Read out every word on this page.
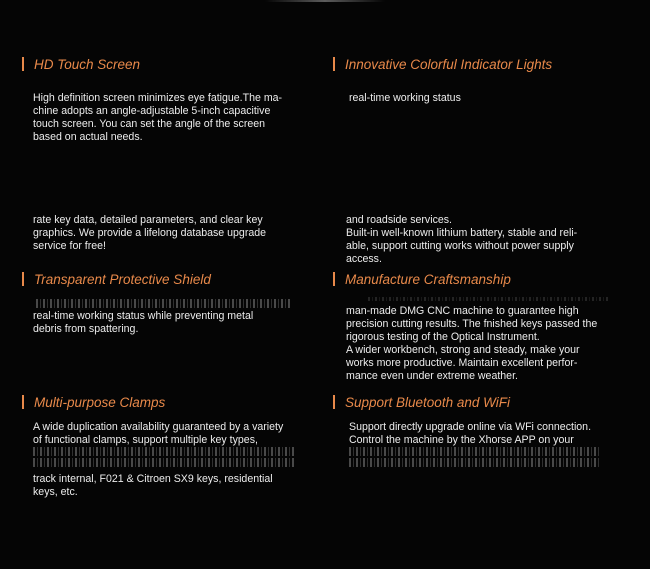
HD Touch Screen
High definition screen minimizes eye fatigue.The ma-
chine adopts an angle-adjustable 5-inch capacitive
touch screen. You can set the angle of the screen
based on actual needs.
Innovative Colorful Indicator Lights
real-time working status
rate key data, detailed parameters, and clear key
graphics. We provide a lifelong database upgrade
service for free!
and roadside services.
Built-in well-known lithium battery, stable and reli-
able, support cutting works without power supply
access.
Transparent Protective Shield
real-time working status while preventing metal
debris from spattering.
Manufacture Craftsmanship
man-made DMG CNC machine to guarantee high
precision cutting results. The fnished keys passed the
rigorous testing of the Optical Instrument.
A wider workbench, strong and steady, make your
works more productive. Maintain excellent perfor-
mance even under extreme weather.
Multi-purpose Clamps
A wide duplication availability guaranteed by a variety
of functional clamps, support multiple key types,
track internal, F021 & Citroen SX9 keys, residential
keys, etc.
Support Bluetooth and WiFi
Support directly upgrade online via WFi connection.
Control the machine by the Xhorse APP on your
